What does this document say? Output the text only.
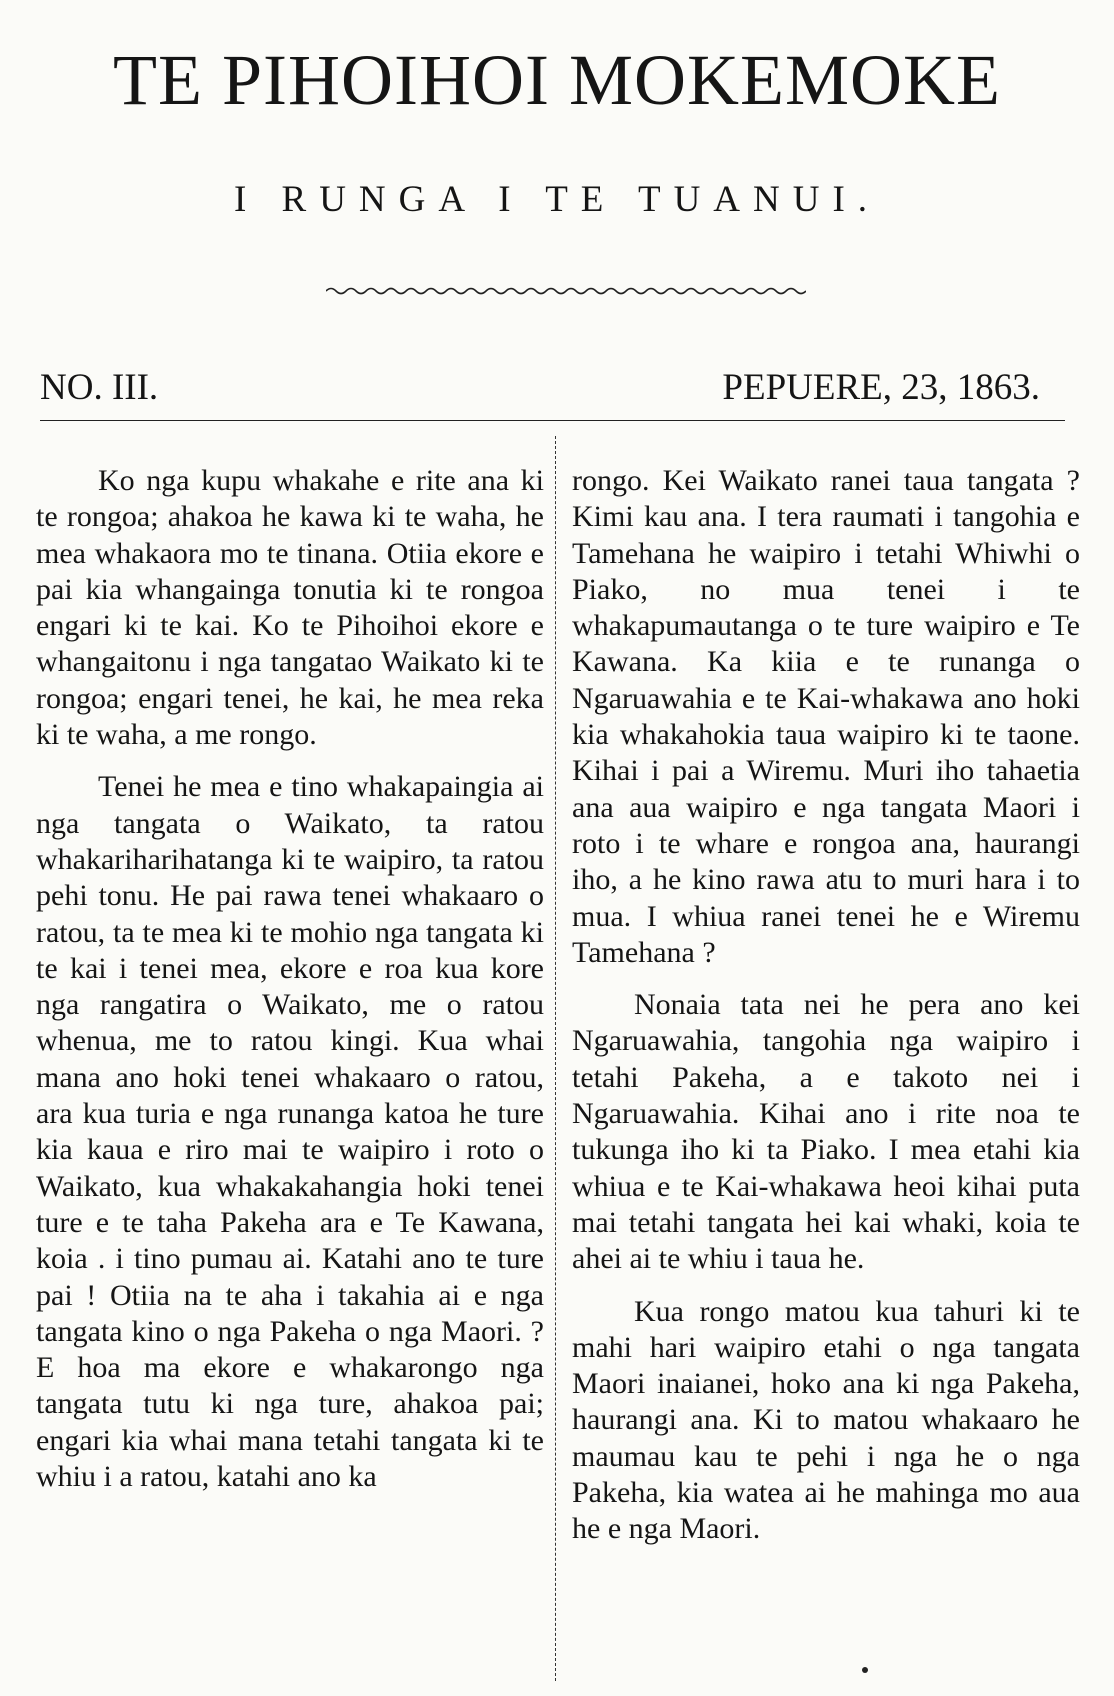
TE PIHOIHOI MOKEMOKE
I RUNGA I TE TUANUI.
NO. III.	PEPUERE, 23, 1863.

Ko nga kupu whakahe e rite ana ki te rongoa; ahakoa he kawa ki te waha, he mea whakaora mo te tinana. Otiia ekore e pai kia whangainga tonutia ki te rongoa engari ki te kai. Ko te Pihoihoi ekore e whangaitonu i nga tangatao Waikato ki te rongoa; engari tenei, he kai, he mea reka ki te waha, a me rongo.

Tenei he mea e tino whakapaingia ai nga tangata o Waikato, ta ratou whakariharihatanga ki te waipiro, ta ratou pehi tonu. He pai rawa tenei whakaaro o ratou, ta te mea ki te mohio nga tangata ki te kai i tenei mea, ekore e roa kua kore nga rangatira o Waikato, me o ratou whenua, me to ratou kingi. Kua whai mana ano hoki tenei whakaaro o ratou, ara kua turia e nga runanga katoa he ture kia kaua e riro mai te waipiro i roto o Waikato, kua whakakahangia hoki tenei ture e te taha Pakeha ara e Te Kawana, koia . i tino pumau ai. Katahi ano te ture pai ! Otiia na te aha i takahia ai e nga tangata kino o nga Pakeha o nga Maori. ? E hoa ma ekore e whakarongo nga tangata tutu ki nga ture, ahakoa pai; engari kia whai mana tetahi tangata ki te whiu i a ratou, katahi ano ka

rongo. Kei Waikato ranei taua tangata ? Kimi kau ana. I tera raumati i tangohia e Tamehana he waipiro i tetahi Whiwhi o Piako, no mua tenei i te whakapumautanga o te ture waipiro e Te Kawana. Ka kiia e te runanga o Ngaruawahia e te Kai-whakawa ano hoki kia whakahokia taua waipiro ki te taone. Kihai i pai a Wiremu. Muri iho tahaetia ana aua waipiro e nga tangata Maori i roto i te whare e rongoa ana, haurangi iho, a he kino rawa atu to muri hara i to mua. I whiua ranei tenei he e Wiremu Tamehana ?

Nonaia tata nei he pera ano kei Ngaruawahia, tangohia nga waipiro i tetahi Pakeha, a e takoto nei i Ngaruawahia. Kihai ano i rite noa te tukunga iho ki ta Piako. I mea etahi kia whiua e te Kai-whakawa heoi kihai puta mai tetahi tangata hei kai whaki, koia te ahei ai te whiu i taua he.

Kua rongo matou kua tahuri ki te mahi hari waipiro etahi o nga tangata Maori inaianei, hoko ana ki nga Pakeha, haurangi ana. Ki to matou whakaaro he maumau kau te pehi i nga he o nga Pakeha, kia watea ai he mahinga mo aua he e nga Maori.
